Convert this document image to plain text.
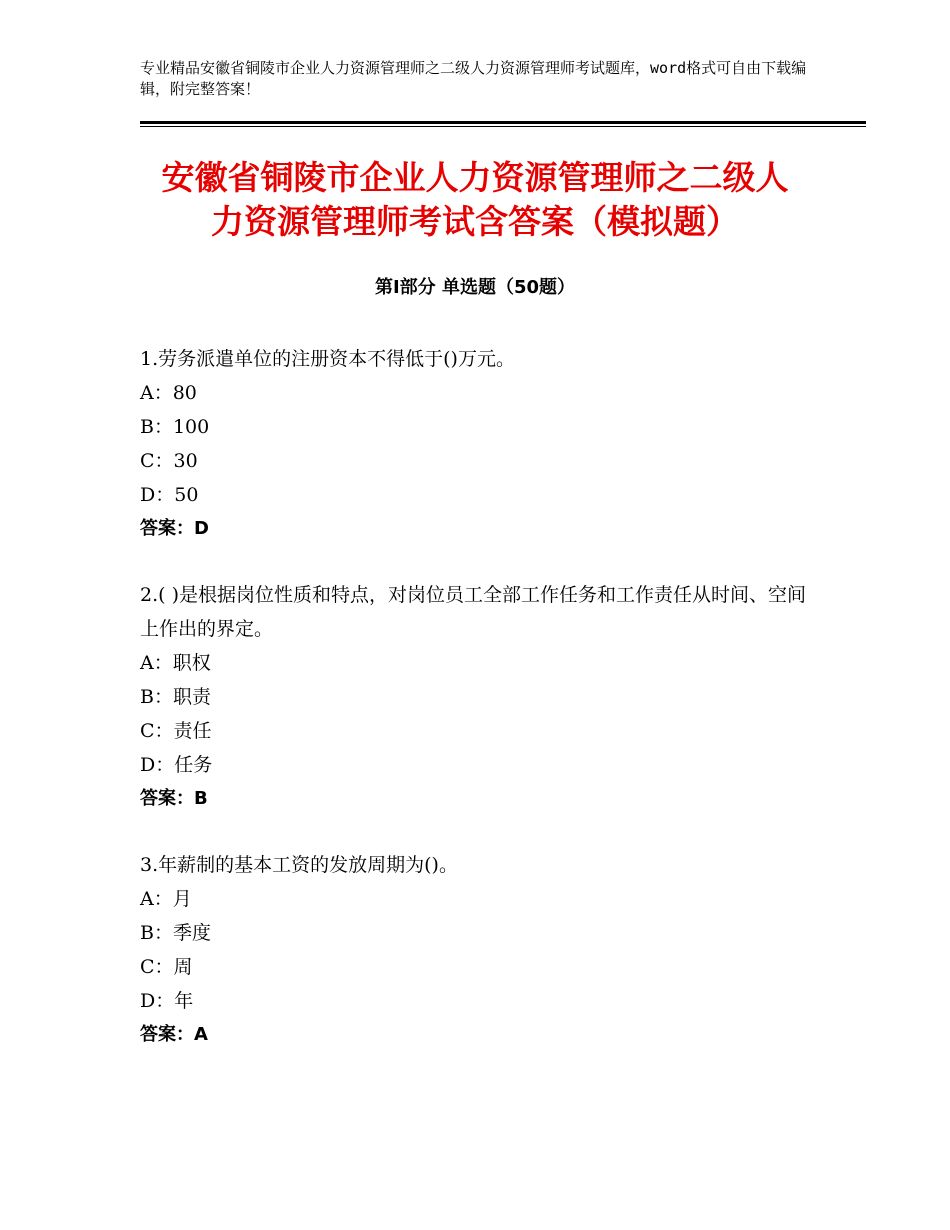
专业精品安徽省铜陵市企业人力资源管理师之二级人力资源管理师考试题库，word格式可自由下载编辑，附完整答案！
安徽省铜陵市企业人力资源管理师之二级人
力资源管理师考试含答案（模拟题）
第Ⅰ部分 单选题（50题）

1.劳务派遣单位的注册资本不得低于()万元。

A：80

B：100

C：30

D：50

答案：D

2.( )是根据岗位性质和特点，对岗位员工全部工作任务和工作责任从时间、空间上作出的界定。

A：职权

B：职责

C：责任

D：任务

答案：B

3.年薪制的基本工资的发放周期为()。

A：月

B：季度

C：周

D：年

答案：A
